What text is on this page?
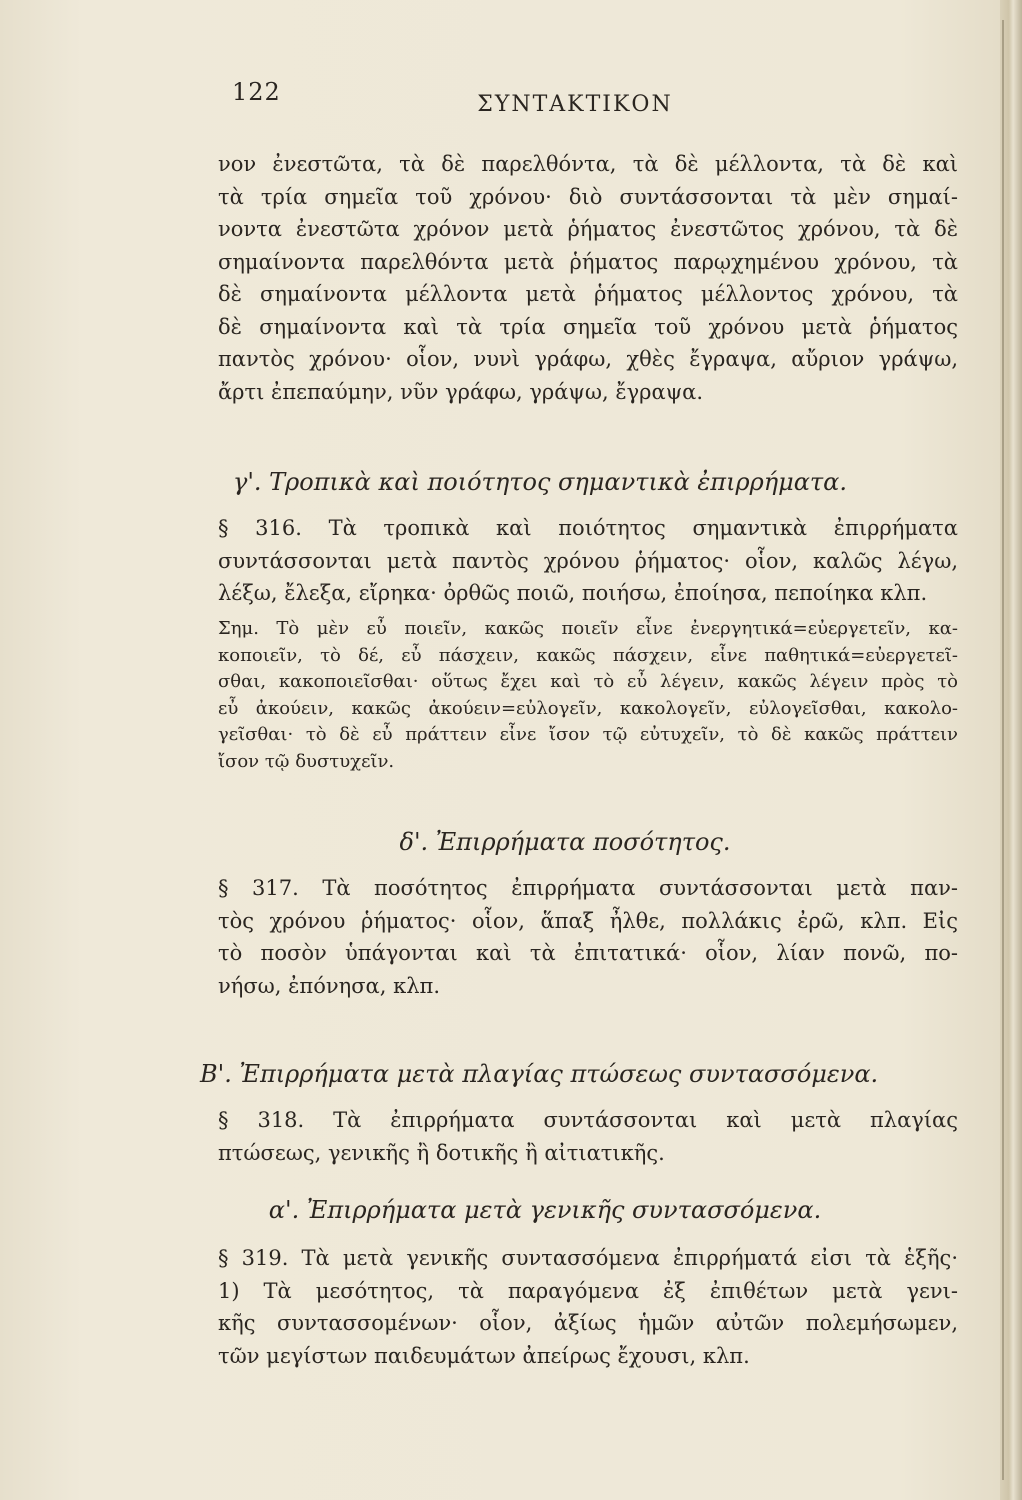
122	ΣΥΝΤΑΚΤΙΚΟΝ
νον ἐνεστῶτα, τὰ δὲ παρελθόντα, τὰ δὲ μέλλοντα, τὰ δὲ καὶ
τὰ τρία σημεῖα τοῦ χρόνου· διὸ συντάσσονται τὰ μὲν σημαί-
νοντα ἐνεστῶτα χρόνον μετὰ ῥήματος ἐνεστῶτος χρόνου, τὰ δὲ
σημαίνοντα παρελθόντα μετὰ ῥήματος παρῳχημένου χρόνου, τὰ
δὲ σημαίνοντα μέλλοντα μετὰ ῥήματος μέλλοντος χρόνου, τὰ
δὲ σημαίνοντα καὶ τὰ τρία σημεῖα τοῦ χρόνου μετὰ ῥήματος
παντὸς χρόνου· οἷον, νυνὶ γράφω, χθὲς ἔγραψα, αὔριον γράψω,
ἄρτι ἐπεπαύμην, νῦν γράφω, γράψω, ἔγραψα.
γ'. Τροπικὰ καὶ ποιότητος σημαντικὰ ἐπιρρήματα.
§ 316. Τὰ τροπικὰ καὶ ποιότητος σημαντικὰ ἐπιρρήματα
συντάσσονται μετὰ παντὸς χρόνου ῥήματος· οἷον, καλῶς λέγω,
λέξω, ἔλεξα, εἴρηκα· ὀρθῶς ποιῶ, ποιήσω, ἐποίησα, πεποίηκα κλπ.
Σημ. Τὸ μὲν εὖ ποιεῖν, κακῶς ποιεῖν εἶνε ἐνεργητικά=εὐεργετεῖν, κα-
κοποιεῖν, τὸ δέ, εὖ πάσχειν, κακῶς πάσχειν, εἶνε παθητικά=εὐεργετεῖ-
σθαι, κακοποιεῖσθαι· οὕτως ἔχει καὶ τὸ εὖ λέγειν, κακῶς λέγειν πρὸς τὸ
εὖ ἀκούειν, κακῶς ἀκούειν=εὐλογεῖν, κακολογεῖν, εὐλογεῖσθαι, κακολο-
γεῖσθαι· τὸ δὲ εὖ πράττειν εἶνε ἴσον τῷ εὐτυχεῖν, τὸ δὲ κακῶς πράττειν
ἴσον τῷ δυστυχεῖν.
δ'. Ἐπιρρήματα ποσότητος.
§ 317. Τὰ ποσότητος ἐπιρρήματα συντάσσονται μετὰ παν-
τὸς χρόνου ῥήματος· οἷον, ἅπαξ ἦλθε, πολλάκις ἐρῶ, κλπ. Εἰς
τὸ ποσὸν ὑπάγονται καὶ τὰ ἐπιτατικά· οἷον, λίαν πονῶ, πο-
νήσω, ἐπόνησα, κλπ.
Β'. Ἐπιρρήματα μετὰ πλαγίας πτώσεως συντασσόμενα.
§ 318. Τὰ ἐπιρρήματα συντάσσονται καὶ μετὰ πλαγίας
πτώσεως, γενικῆς ἢ δοτικῆς ἢ αἰτιατικῆς.
α'. Ἐπιρρήματα μετὰ γενικῆς συντασσόμενα.
§ 319. Τὰ μετὰ γενικῆς συντασσόμενα ἐπιρρήματά εἰσι τὰ ἑξῆς·
1) Τὰ μεσότητος, τὰ παραγόμενα ἐξ ἐπιθέτων μετὰ γενι-
κῆς συντασσομένων· οἷον, ἀξίως ἡμῶν αὐτῶν πολεμήσωμεν,
τῶν μεγίστων παιδευμάτων ἀπείρως ἔχουσι, κλπ.
